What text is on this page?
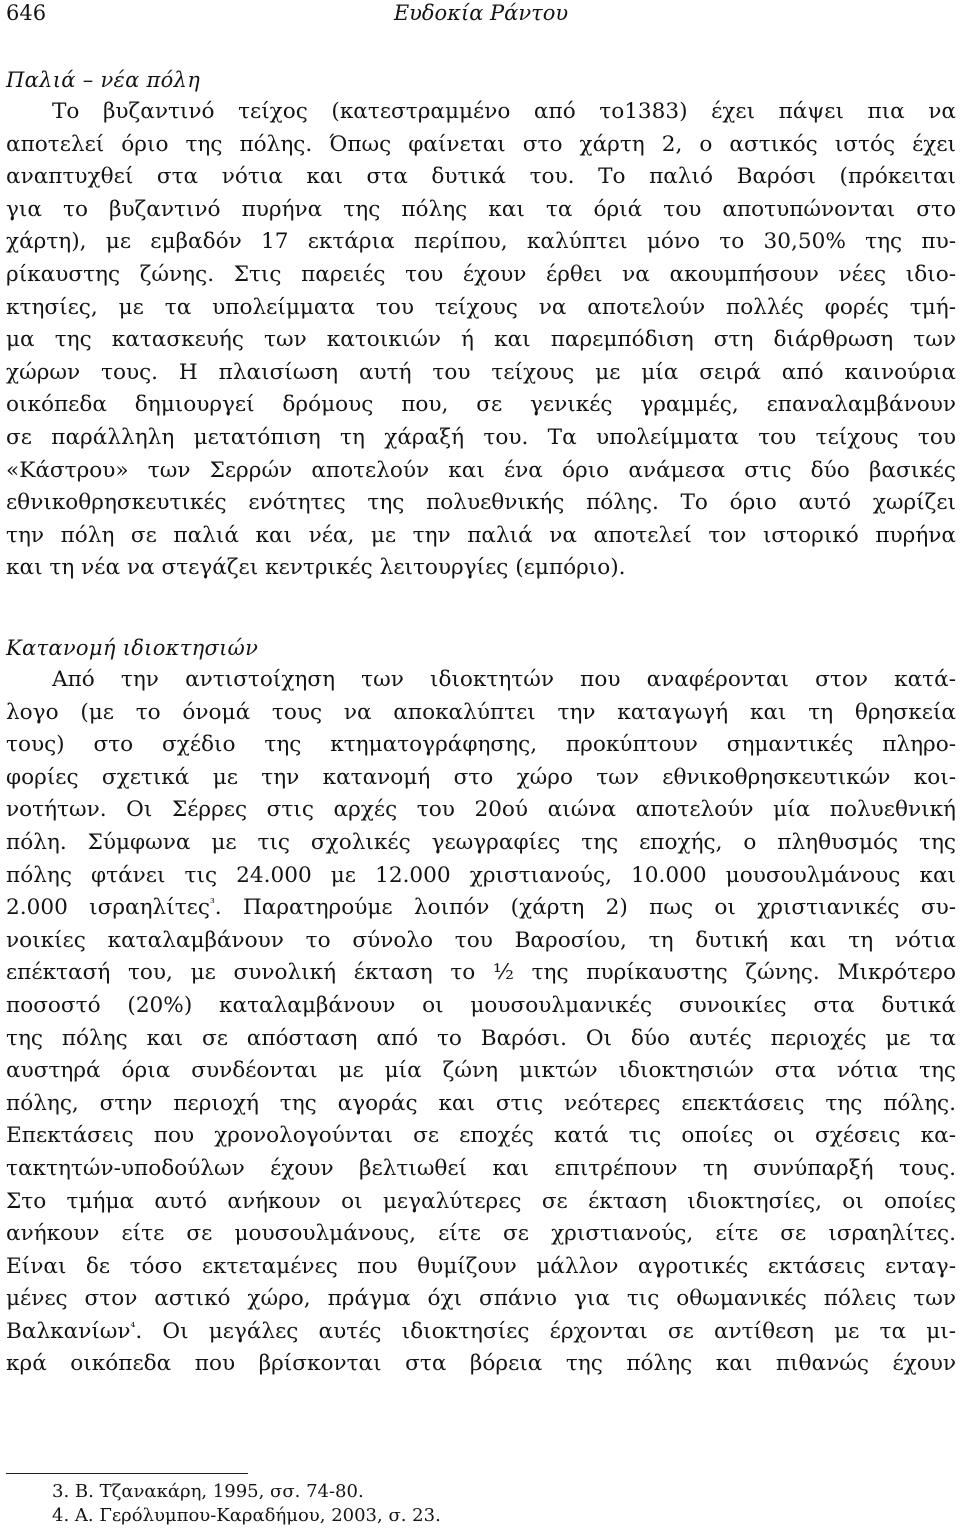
646	Ευδοκία Ράντου
Παλιά – νέα πόλη
Το βυζαντινό τείχος (κατεστραμμένο από το1383) έχει πάψει πια να
αποτελεί όριο της πόλης. Όπως φαίνεται στο χάρτη 2, ο αστικός ιστός έχει
αναπτυχθεί στα νότια και στα δυτικά του. Το παλιό Βαρόσι (πρόκειται
για το βυζαντινό πυρήνα της πόλης και τα όριά του αποτυπώνονται στο
χάρτη), με εμβαδόν 17 εκτάρια περίπου, καλύπτει μόνο το 30,50% της πυ-
ρίκαυστης ζώνης. Στις παρειές του έχουν έρθει να ακουμπήσουν νέες ιδιο-
κτησίες, με τα υπολείμματα του τείχους να αποτελούν πολλές φορές τμή-
μα της κατασκευής των κατοικιών ή και παρεμπόδιση στη διάρθρωση των
χώρων τους. Η πλαισίωση αυτή του τείχους με μία σειρά από καινούρια
οικόπεδα δημιουργεί δρόμους που, σε γενικές γραμμές, επαναλαμβάνουν
σε παράλληλη μετατόπιση τη χάραξή του. Τα υπολείμματα του τείχους του
«Κάστρου» των Σερρών αποτελούν και ένα όριο ανάμεσα στις δύο βασικές
εθνικοθρησκευτικές ενότητες της πολυεθνικής πόλης. Το όριο αυτό χωρίζει
την πόλη σε παλιά και νέα, με την παλιά να αποτελεί τον ιστορικό πυρήνα
και τη νέα να στεγάζει κεντρικές λειτουργίες (εμπόριο).
Κατανομή ιδιοκτησιών
Από την αντιστοίχηση των ιδιοκτητών που αναφέρονται στον κατά-
λογο (με το όνομά τους να αποκαλύπτει την καταγωγή και τη θρησκεία
τους) στο σχέδιο της κτηματογράφησης, προκύπτουν σημαντικές πληρο-
φορίες σχετικά με την κατανομή στο χώρο των εθνικοθρησκευτικών κοι-
νοτήτων. Οι Σέρρες στις αρχές του 20ού αιώνα αποτελούν μία πολυεθνική
πόλη. Σύμφωνα με τις σχολικές γεωγραφίες της εποχής, ο πληθυσμός της
πόλης φτάνει τις 24.000 με 12.000 χριστιανούς, 10.000 μουσουλμάνους και
2.000 ισραηλίτες$^{^3}$. Παρατηρούμε λοιπόν (χάρτη 2) πως οι χριστιανικές συ-
νοικίες καταλαμβάνουν το σύνολο του Βαροσίου, τη δυτική και τη νότια
επέκτασή του, με συνολική έκταση το ½ της πυρίκαυστης ζώνης. Μικρότερο
ποσοστό (20%) καταλαμβάνουν οι μουσουλμανικές συνοικίες στα δυτικά
της πόλης και σε απόσταση από το Βαρόσι. Οι δύο αυτές περιοχές με τα
αυστηρά όρια συνδέονται με μία ζώνη μικτών ιδιοκτησιών στα νότια της
πόλης, στην περιοχή της αγοράς και στις νεότερες επεκτάσεις της πόλης.
Επεκτάσεις που χρονολογούνται σε εποχές κατά τις οποίες οι σχέσεις κα-
τακτητών-υποδούλων έχουν βελτιωθεί και επιτρέπουν τη συνύπαρξή τους.
Στο τμήμα αυτό ανήκουν οι μεγαλύτερες σε έκταση ιδιοκτησίες, οι οποίες
ανήκουν είτε σε μουσουλμάνους, είτε σε χριστιανούς, είτε σε ισραηλίτες.
Είναι δε τόσο εκτεταμένες που θυμίζουν μάλλον αγροτικές εκτάσεις ενταγ-
μένες στον αστικό χώρο, πράγμα όχι σπάνιο για τις οθωμανικές πόλεις των
Βαλκανίων$^{^4}$. Οι μεγάλες αυτές ιδιοκτησίες έρχονται σε αντίθεση με τα μι-
κρά οικόπεδα που βρίσκονται στα βόρεια της πόλης και πιθανώς έχουν
3. Β. Τζανακάρη, 1995, σσ. 74-80.
4. Α. Γερόλυμπου-Καραδήμου, 2003, σ. 23.
